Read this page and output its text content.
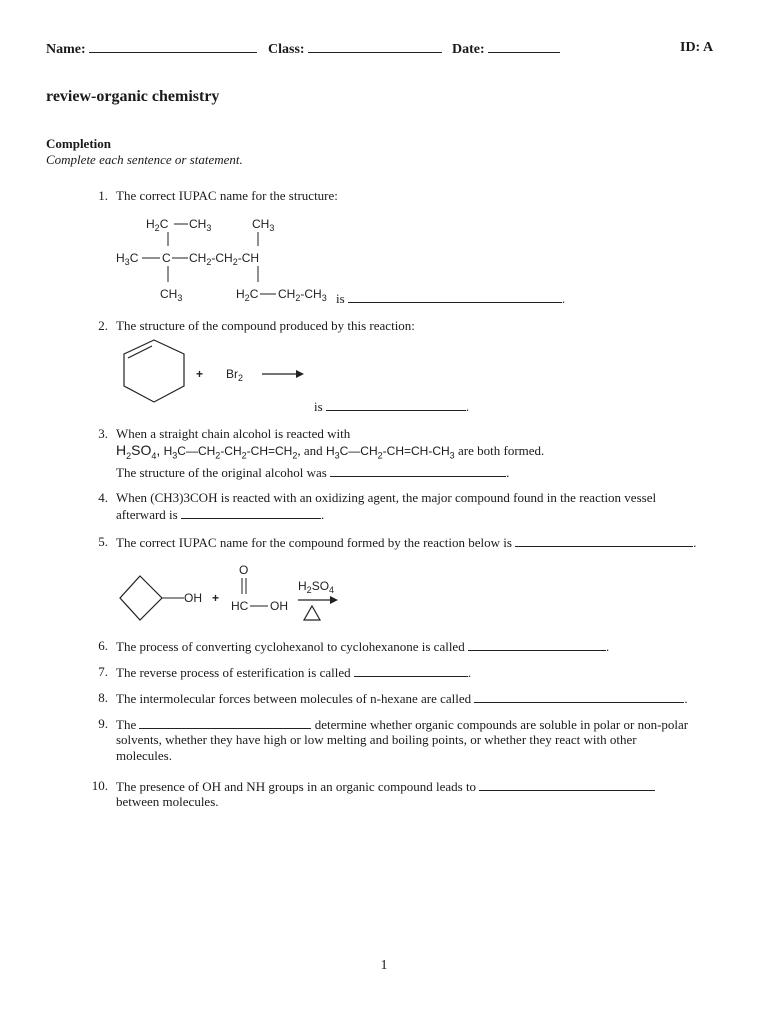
Name:	Class:	Date:	ID: A
review-organic chemistry
Completion
Complete each sentence or statement.
1. The correct IUPAC name for the structure:
$H_2C$ $CH_3$	$CH_3$
$H_3C$ C $CH_2-CH_2-CH$
$CH_3$	$H_2C$ $CH_2-CH_3$ is	.
2. The structure of the compound produced by this reaction:
+ $Br_2$
is	.
3. When a straight chain alcohol is reacted with
$H_2SO_4$, $H_3C—CH_2-CH_2-CH=CH_2$, and $H_3C—CH_2-CH=CH-CH_3$ are both formed.
The structure of the original alcohol was	.
4. When (CH3)3COH is reacted with an oxidizing agent, the major compound found in the reaction vessel
afterward is	.
5. The correct IUPAC name for the compound formed by the reaction below is	.
OH +
O
HC OH
$H_2SO_4$
6. The process of converting cyclohexanol to cyclohexanone is called	.
7. The reverse process of esterification is called	.
8. The intermolecular forces between molecules of n-hexane are called	.
9. The	determine whether organic compounds are soluble in polar or non-polar
solvents, whether they have high or low melting and boiling points, or whether they react with other
molecules.
10. The presence of OH and NH groups in an organic compound leads to
between molecules.
1
